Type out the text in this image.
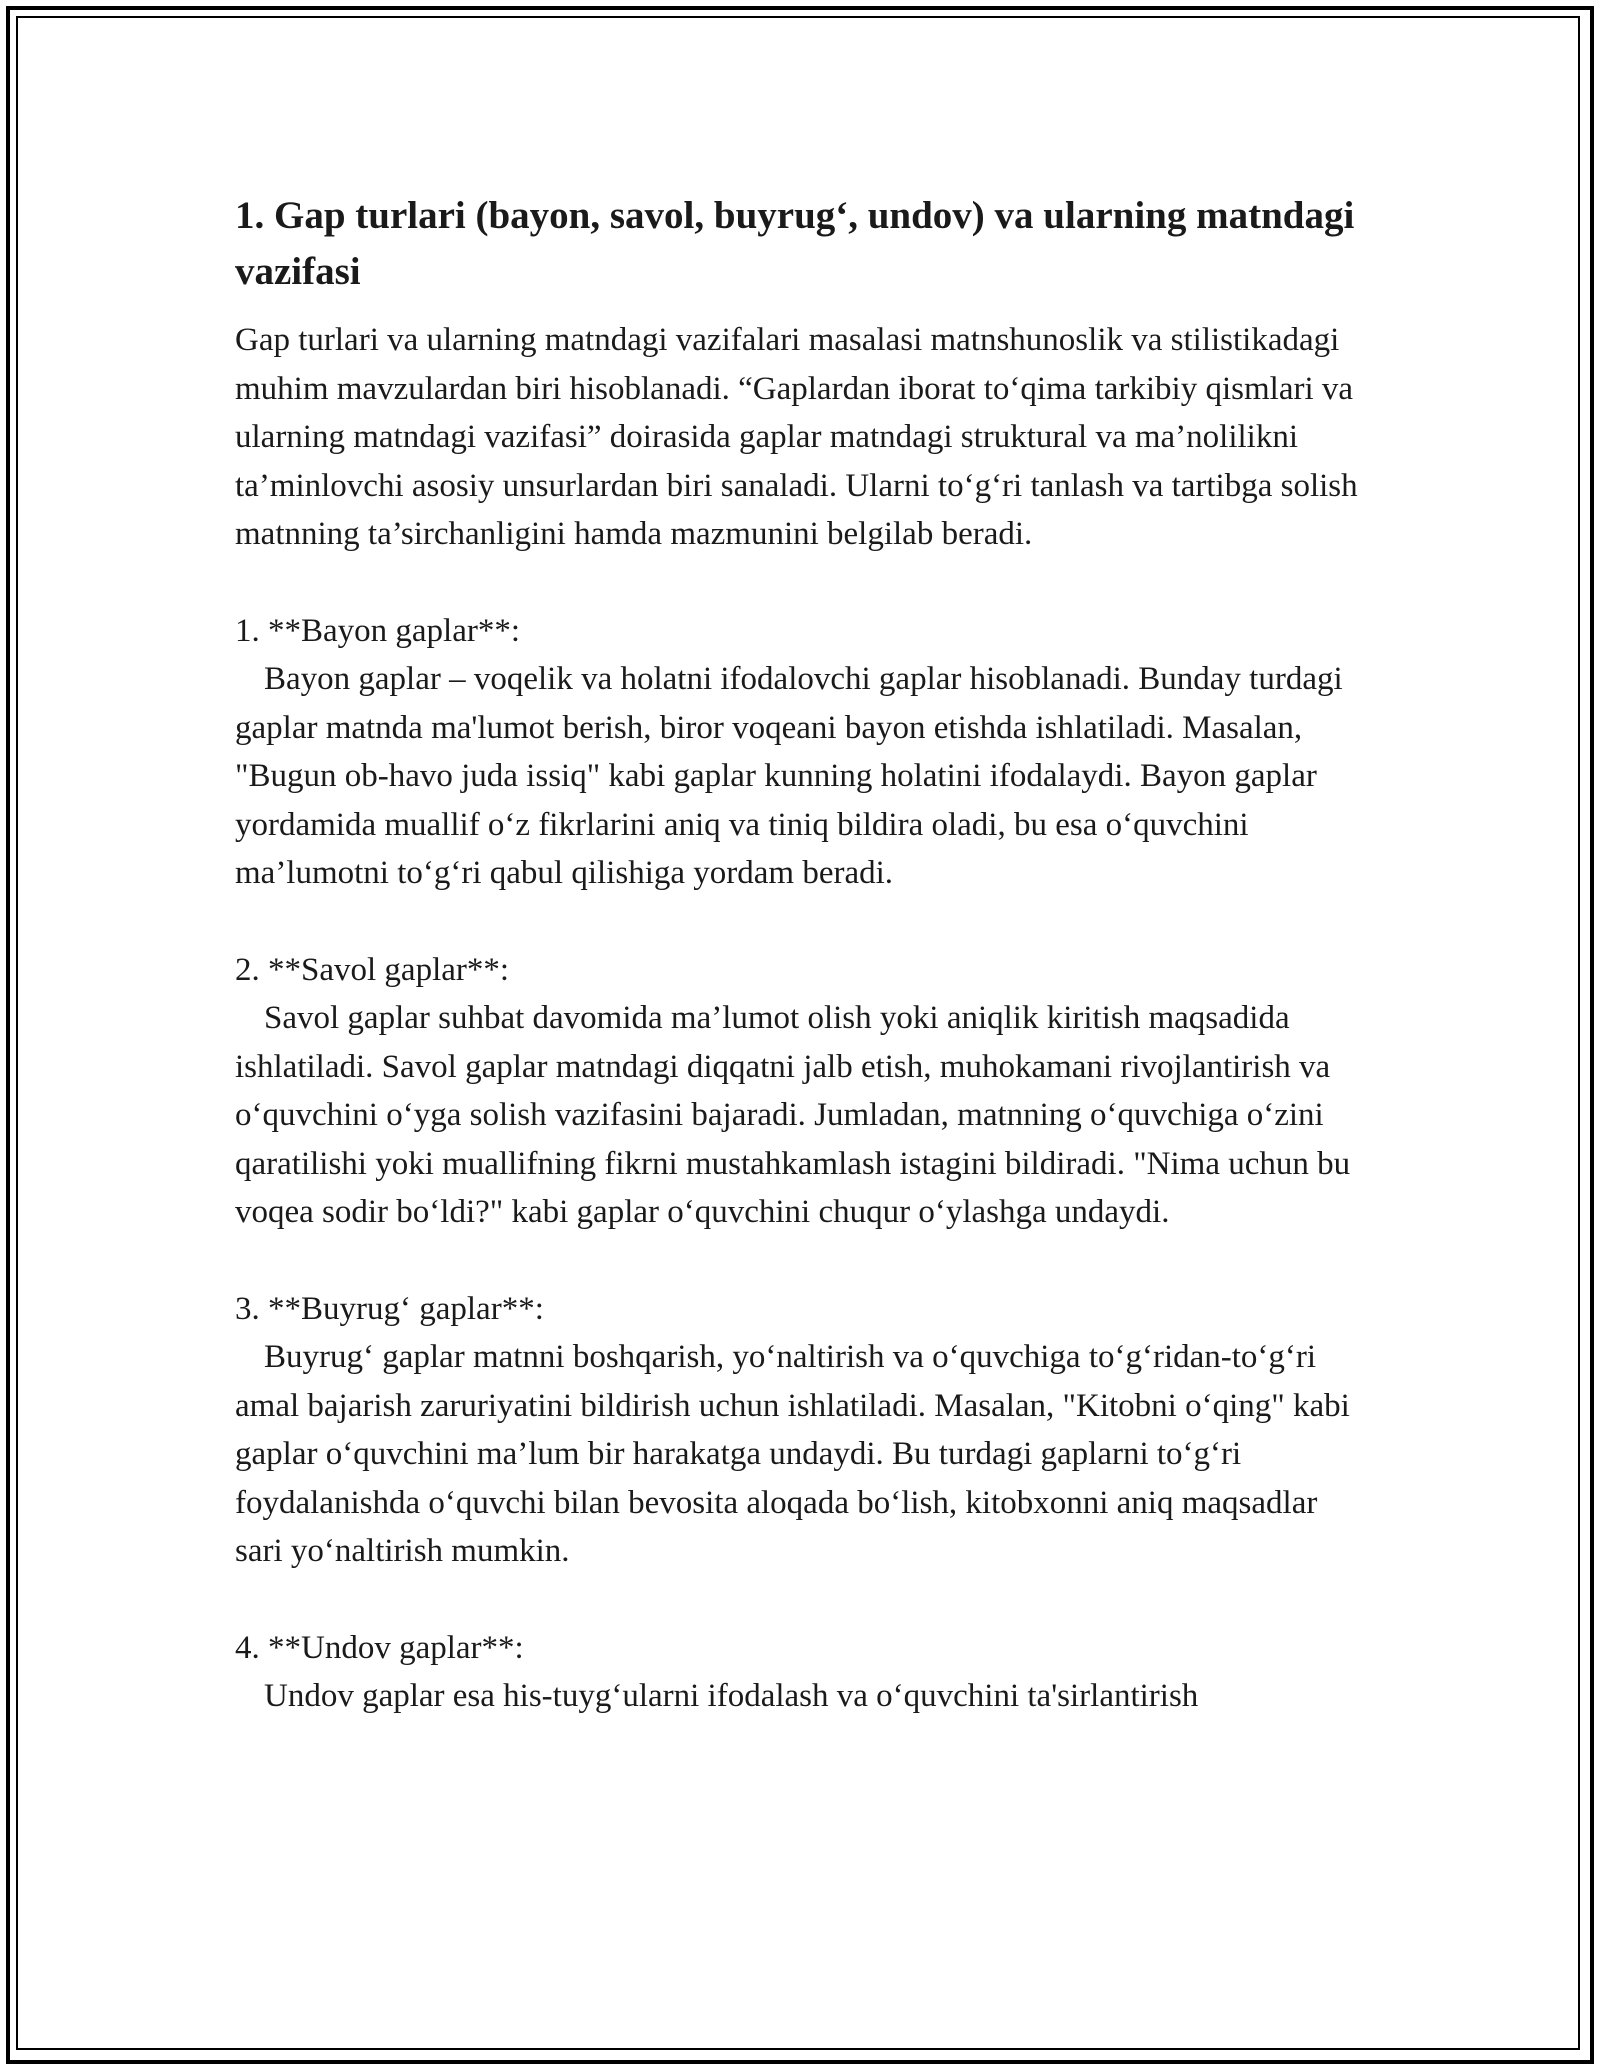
1. Gap turlari (bayon, savol, buyrug‘, undov) va ularning matndagi vazifasi

Gap turlari va ularning matndagi vazifalari masalasi matnshunoslik va stilistikadagi muhim mavzulardan biri hisoblanadi. “Gaplardan iborat to‘qima tarkibiy qismlari va ularning matndagi vazifasi” doirasida gaplar matndagi struktural va ma’nolilikni ta’minlovchi asosiy unsurlardan biri sanaladi. Ularni to‘g‘ri tanlash va tartibga solish matnning ta’sirchanligini hamda mazmunini belgilab beradi.

1. **Bayon gaplar**:

Bayon gaplar – voqelik va holatni ifodalovchi gaplar hisoblanadi. Bunday turdagi gaplar matnda ma'lumot berish, biror voqeani bayon etishda ishlatiladi. Masalan, "Bugun ob-havo juda issiq" kabi gaplar kunning holatini ifodalaydi. Bayon gaplar yordamida muallif o‘z fikrlarini aniq va tiniq bildira oladi, bu esa o‘quvchini ma’lumotni to‘g‘ri qabul qilishiga yordam beradi.

2. **Savol gaplar**:

Savol gaplar suhbat davomida ma’lumot olish yoki aniqlik kiritish maqsadida ishlatiladi. Savol gaplar matndagi diqqatni jalb etish, muhokamani rivojlantirish va o‘quvchini o‘yga solish vazifasini bajaradi. Jumladan, matnning o‘quvchiga o‘zini qaratilishi yoki muallifning fikrni mustahkamlash istagini bildiradi. "Nima uchun bu voqea sodir bo‘ldi?" kabi gaplar o‘quvchini chuqur o‘ylashga undaydi.

3. **Buyrug‘ gaplar**:

Buyrug‘ gaplar matnni boshqarish, yo‘naltirish va o‘quvchiga to‘g‘ridan-to‘g‘ri amal bajarish zaruriyatini bildirish uchun ishlatiladi. Masalan, "Kitobni o‘qing" kabi gaplar o‘quvchini ma’lum bir harakatga undaydi. Bu turdagi gaplarni to‘g‘ri foydalanishda o‘quvchi bilan bevosita aloqada bo‘lish, kitobxonni aniq maqsadlar sari yo‘naltirish mumkin.

4. **Undov gaplar**:

Undov gaplar esa his-tuyg‘ularni ifodalash va o‘quvchini ta'sirlantirish
